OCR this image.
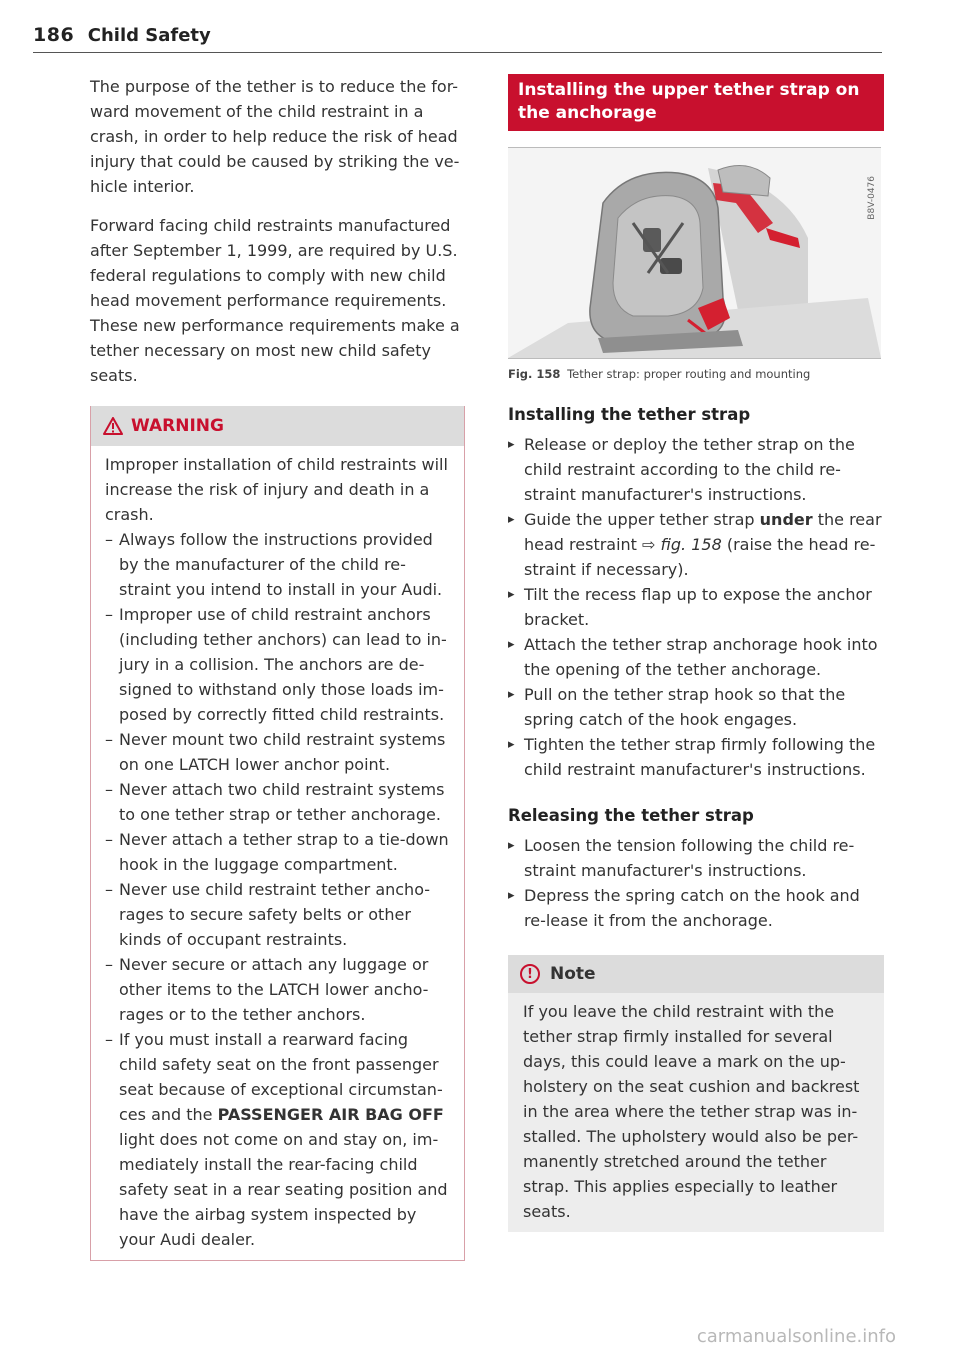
186 Child Safety

The purpose of the tether is to reduce the for-ward movement of the child restraint in a crash, in order to help reduce the risk of head injury that could be caused by striking the ve-hicle interior.

Forward facing child restraints manufactured after September 1, 1999, are required by U.S. federal regulations to comply with new child head movement performance requirements. These new performance requirements make a tether necessary on most new child safety seats.

WARNING

Improper installation of child restraints will increase the risk of injury and death in a crash.

– Always follow the instructions provided by the manufacturer of the child re-straint you intend to install in your Audi.
– Improper use of child restraint anchors (including tether anchors) can lead to in-jury in a collision. The anchors are de-signed to withstand only those loads im-posed by correctly fitted child restraints.
– Never mount two child restraint systems on one LATCH lower anchor point.
– Never attach two child restraint systems to one tether strap or tether anchorage.
– Never attach a tether strap to a tie-down hook in the luggage compartment.
– Never use child restraint tether ancho-rages to secure safety belts or other kinds of occupant restraints.
– Never secure or attach any luggage or other items to the LATCH lower ancho-rages or to the tether anchors.
– If you must install a rearward facing child safety seat on the front passenger seat because of exceptional circumstan-ces and the PASSENGER AIR BAG OFF light does not come on and stay on, im-mediately install the rear-facing child safety seat in a rear seating position and have the airbag system inspected by your Audi dealer.
Installing the upper tether strap on the anchorage
B8V-0476
Fig. 158 Tether strap: proper routing and mounting
Installing the tether strap
▸ Release or deploy the tether strap on the child restraint according to the child re-straint manufacturer's instructions.
▸ Guide the upper tether strap under the rear head restraint ⇨ fig. 158 (raise the head re-straint if necessary).
▸ Tilt the recess flap up to expose the anchor bracket.
▸ Attach the tether strap anchorage hook into the opening of the tether anchorage.
▸ Pull on the tether strap hook so that the spring catch of the hook engages.
▸ Tighten the tether strap firmly following the child restraint manufacturer's instructions.
Releasing the tether strap
▸ Loosen the tension following the child re-straint manufacturer's instructions.
▸ Depress the spring catch on the hook and re-lease it from the anchorage.
!	Note
If you leave the child restraint with the tether strap firmly installed for several days, this could leave a mark on the up-holstery on the seat cushion and backrest in the area where the tether strap was in-stalled. The upholstery would also be per-manently stretched around the tether strap. This applies especially to leather seats.
carmanualsonline.info
